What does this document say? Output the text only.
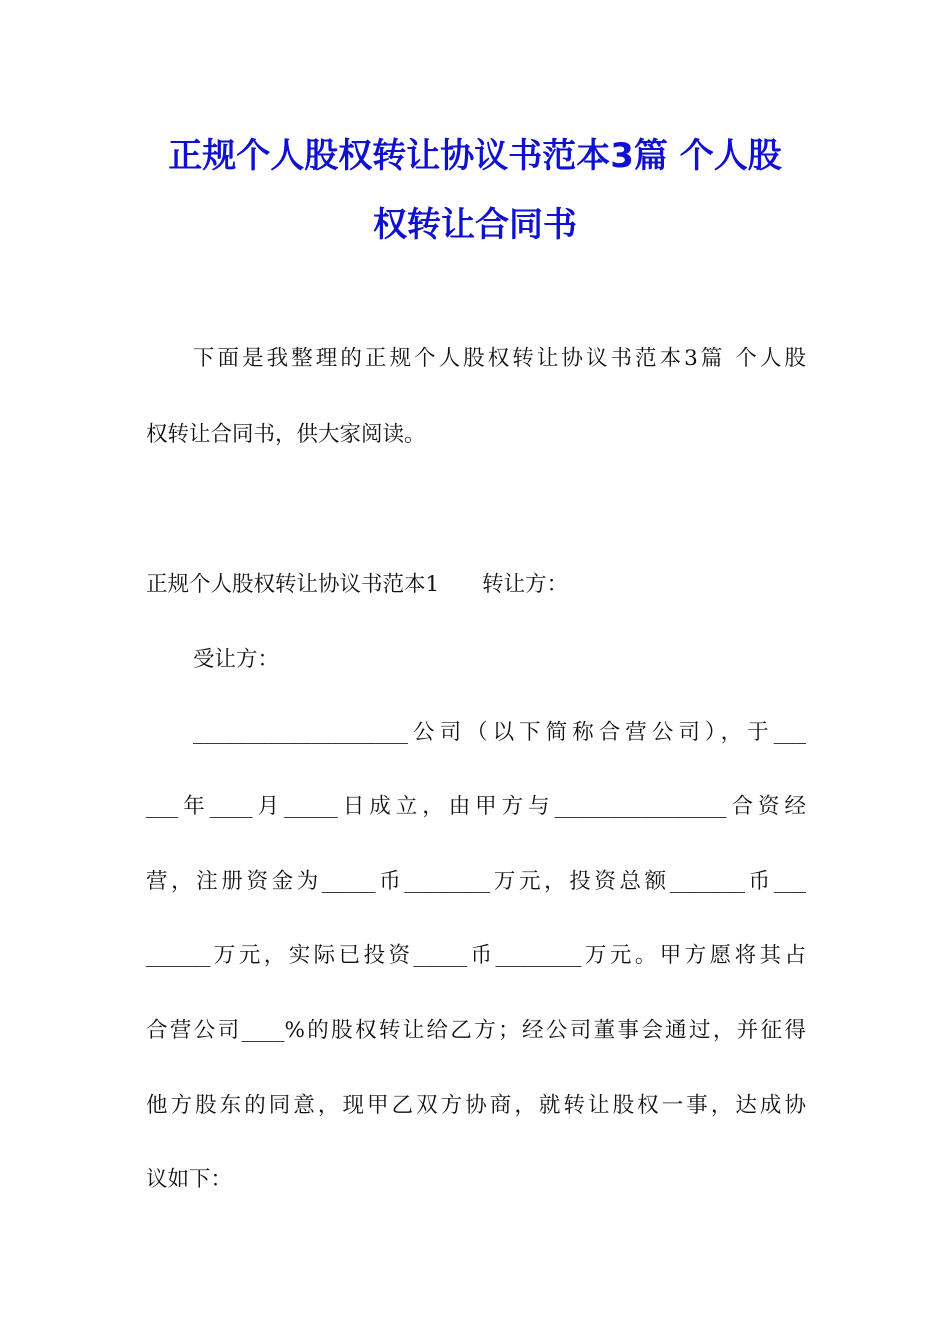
正规个人股权转让协议书范本3篇 个人股
权转让合同书
下面是我整理的正规个人股权转让协议书范本3篇 个人股
权转让合同书，供大家阅读。
正规个人股权转让协议书范本1　　转让方：
受让方：
____________________公司（以下简称合营公司），于___
___年____月_____日成立，由甲方与________________合资经
营，注册资金为_____币________万元，投资总额_______币___
______万元，实际已投资_____币________万元。甲方愿将其占
合营公司____%的股权转让给乙方；经公司董事会通过，并征得
他方股东的同意，现甲乙双方协商，就转让股权一事，达成协
议如下：
